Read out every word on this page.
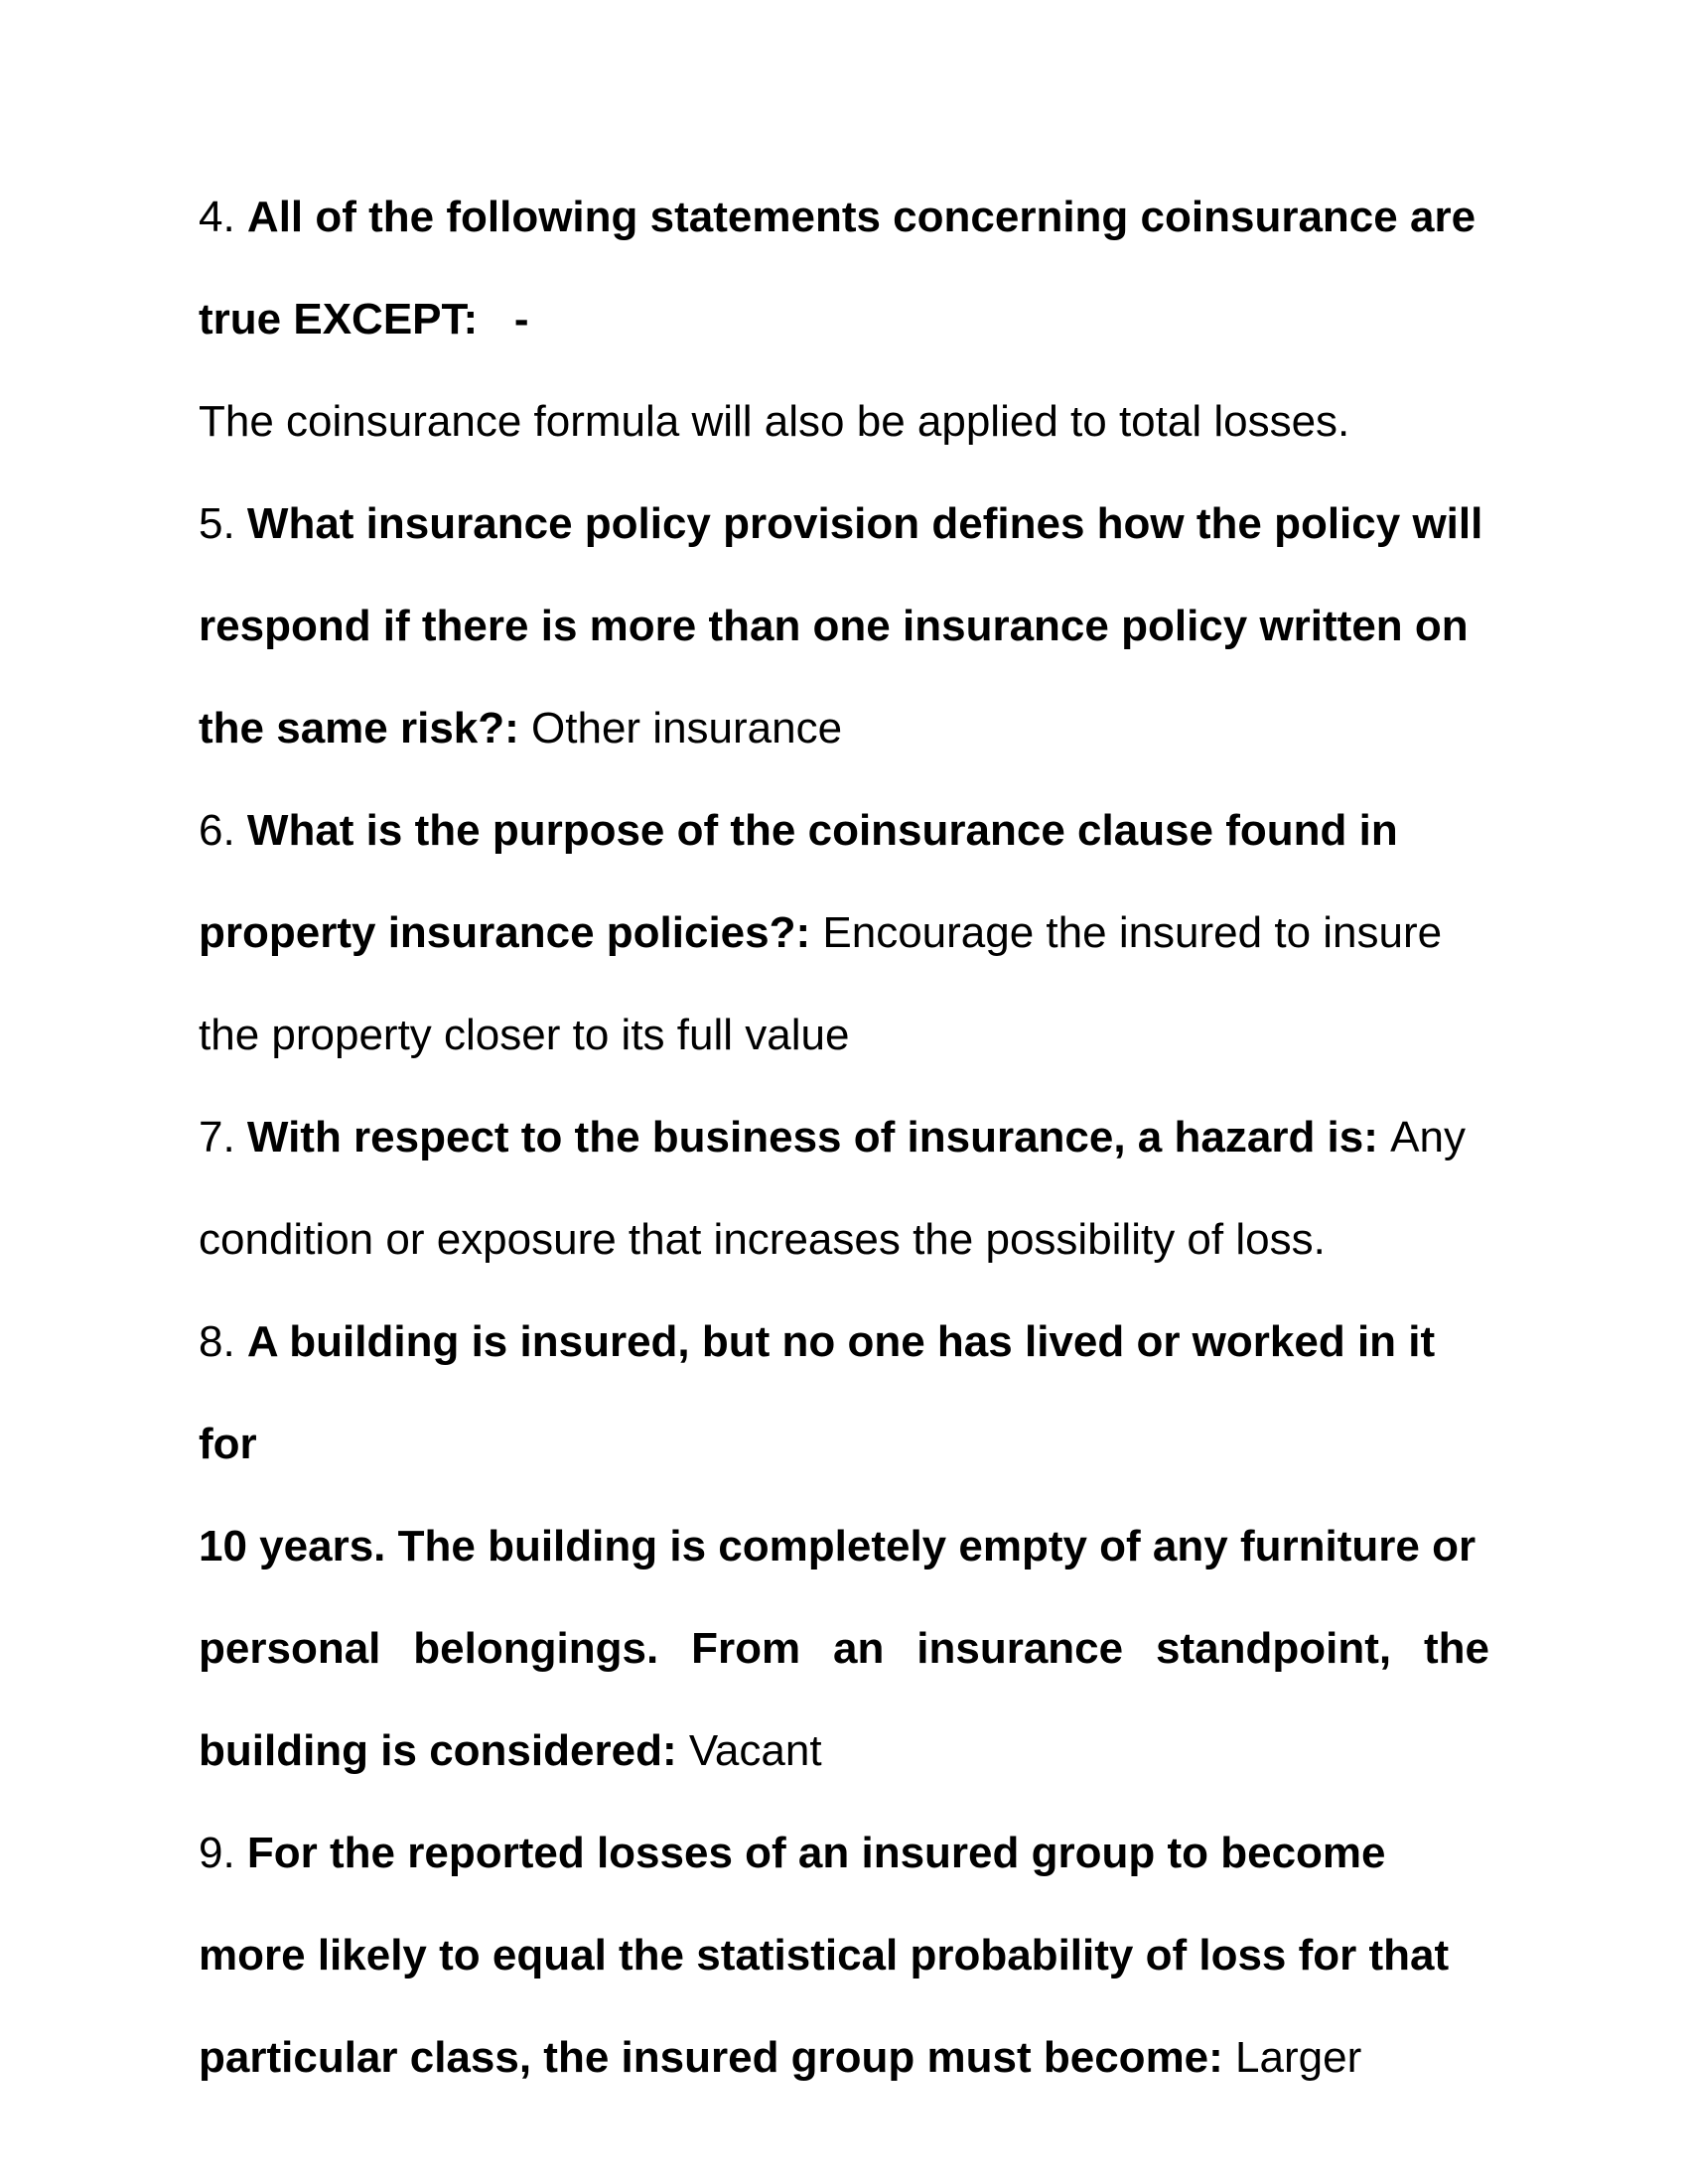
4. All of the following statements concerning coinsurance are
true EXCEPT:   -
The coinsurance formula will also be applied to total losses.
5. What insurance policy provision defines how the policy will
respond if there is more than one insurance policy written on
the same risk?: Other insurance
6. What is the purpose of the coinsurance clause found in
property insurance policies?: Encourage the insured to insure
the property closer to its full value
7. With respect to the business of insurance, a hazard is: Any
condition or exposure that increases the possibility of loss.
8. A building is insured, but no one has lived or worked in it for
10 years. The building is completely empty of any furniture or
personal belongings. From an insurance standpoint, the
building is considered: Vacant
9. For the reported losses of an insured group to become
more likely to equal the statistical probability of loss for that
particular class, the insured group must become: Larger
